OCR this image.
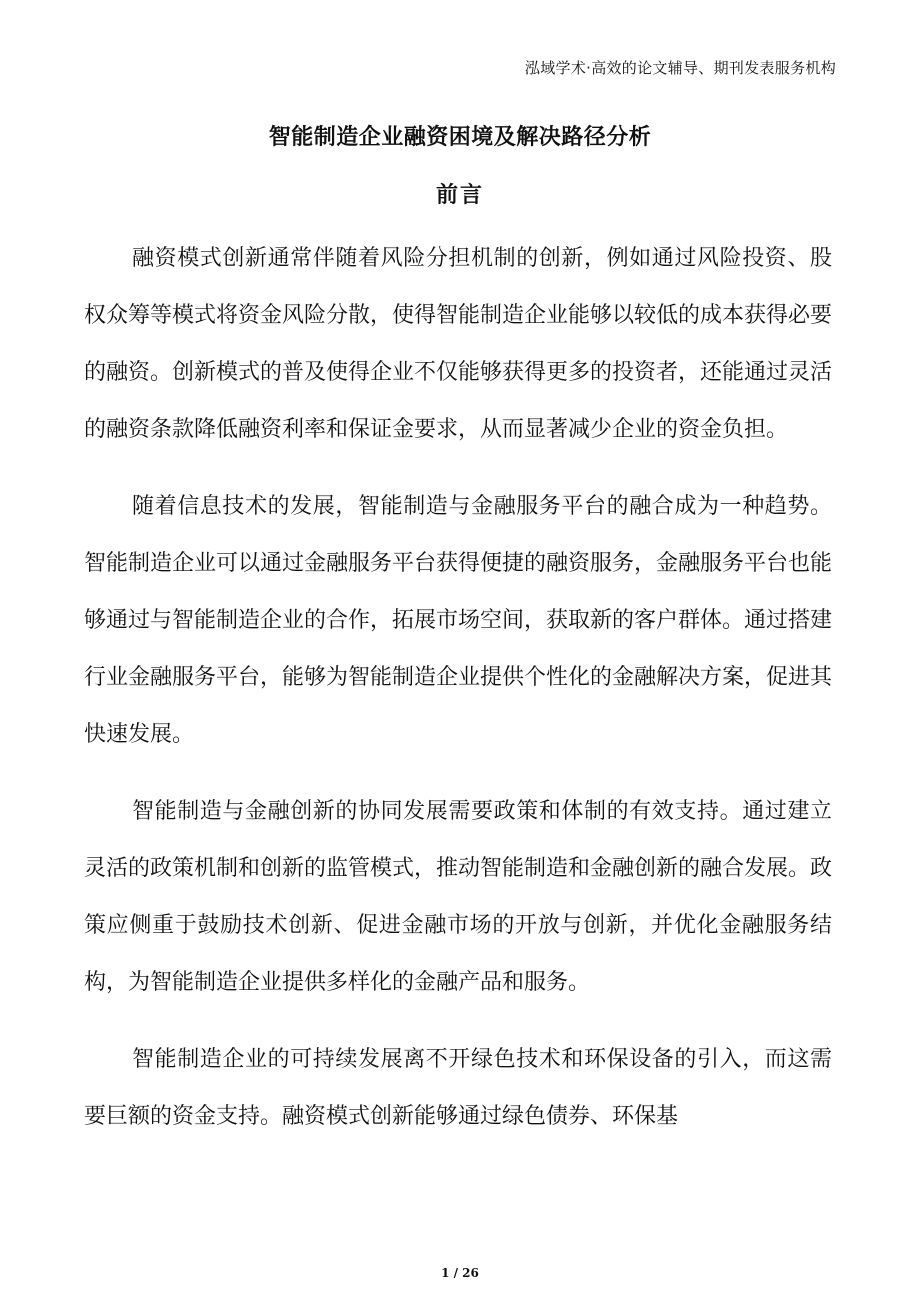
泓域学术·高效的论文辅导、期刊发表服务机构
智能制造企业融资困境及解决路径分析
前言

融资模式创新通常伴随着风险分担机制的创新，例如通过风险投资、股权众筹等模式将资金风险分散，使得智能制造企业能够以较低的成本获得必要的融资。创新模式的普及使得企业不仅能够获得更多的投资者，还能通过灵活的融资条款降低融资利率和保证金要求，从而显著减少企业的资金负担。

随着信息技术的发展，智能制造与金融服务平台的融合成为一种趋势。智能制造企业可以通过金融服务平台获得便捷的融资服务，金融服务平台也能够通过与智能制造企业的合作，拓展市场空间，获取新的客户群体。通过搭建行业金融服务平台，能够为智能制造企业提供个性化的金融解决方案，促进其快速发展。

智能制造与金融创新的协同发展需要政策和体制的有效支持。通过建立灵活的政策机制和创新的监管模式，推动智能制造和金融创新的融合发展。政策应侧重于鼓励技术创新、促进金融市场的开放与创新，并优化金融服务结构，为智能制造企业提供多样化的金融产品和服务。

智能制造企业的可持续发展离不开绿色技术和环保设备的引入，而这需要巨额的资金支持。融资模式创新能够通过绿色债券、环保基

1 / 26
